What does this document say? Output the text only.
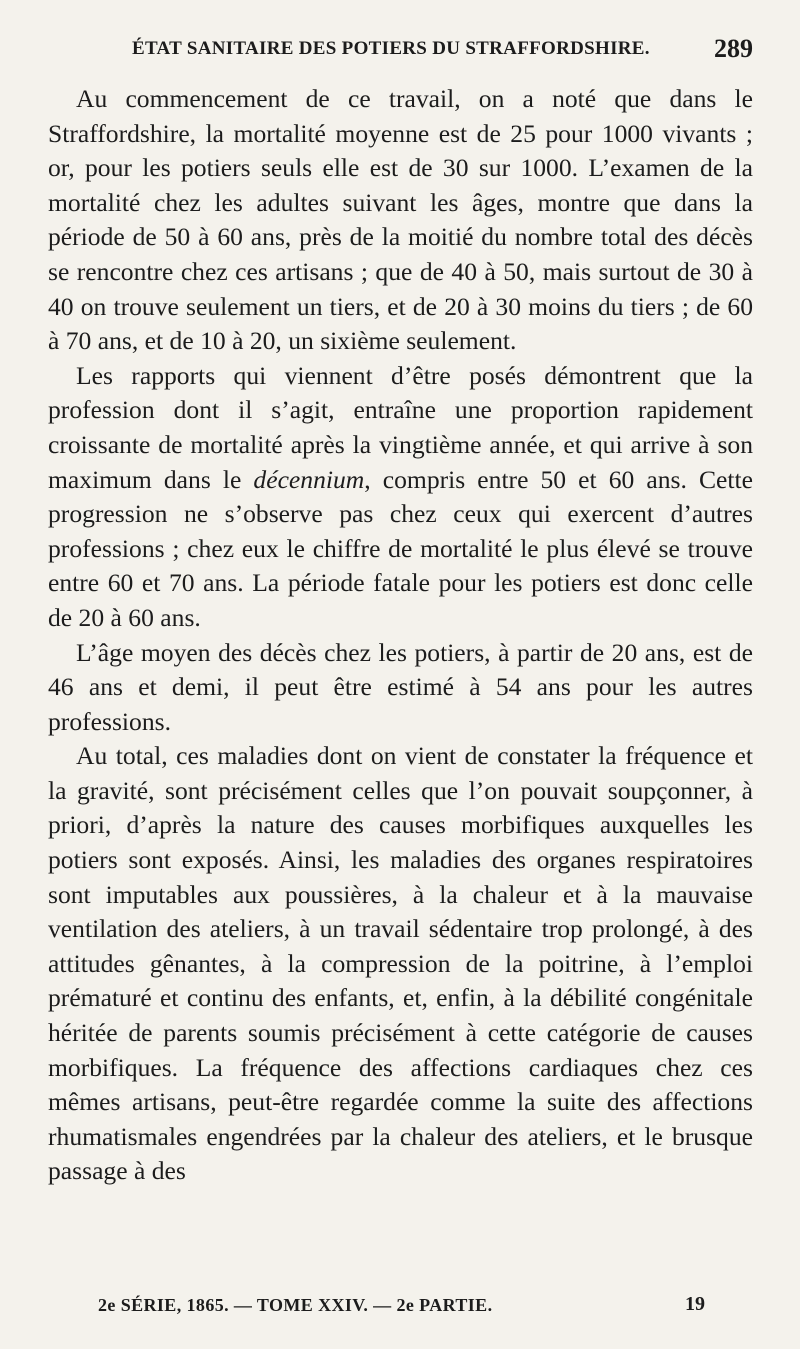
ÉTAT SANITAIRE DES POTIERS DU STRAFFORDSHIRE. 289

Au commencement de ce travail, on a noté que dans le Straffordshire, la mortalité moyenne est de 25 pour 1000 vivants ; or, pour les potiers seuls elle est de 30 sur 1000. L’examen de la mortalité chez les adultes suivant les âges, montre que dans la période de 50 à 60 ans, près de la moitié du nombre total des décès se rencontre chez ces artisans ; que de 40 à 50, mais surtout de 30 à 40 on trouve seulement un tiers, et de 20 à 30 moins du tiers ; de 60 à 70 ans, et de 10 à 20, un sixième seulement.

Les rapports qui viennent d’être posés démontrent que la profession dont il s’agit, entraîne une proportion rapidement croissante de mortalité après la vingtième année, et qui arrive à son maximum dans le décennium, compris entre 50 et 60 ans. Cette progression ne s’observe pas chez ceux qui exercent d’autres professions ; chez eux le chiffre de mortalité le plus élevé se trouve entre 60 et 70 ans. La période fatale pour les potiers est donc celle de 20 à 60 ans.

L’âge moyen des décès chez les potiers, à partir de 20 ans, est de 46 ans et demi, il peut être estimé à 54 ans pour les autres professions.

Au total, ces maladies dont on vient de constater la fréquence et la gravité, sont précisément celles que l’on pouvait soupçonner, à priori, d’après la nature des causes morbifiques auxquelles les potiers sont exposés. Ainsi, les maladies des organes respiratoires sont imputables aux poussières, à la chaleur et à la mauvaise ventilation des ateliers, à un travail sédentaire trop prolongé, à des attitudes gênantes, à la compression de la poitrine, à l’emploi prématuré et continu des enfants, et, enfin, à la débilité congénitale héritée de parents soumis précisément à cette catégorie de causes morbifiques. La fréquence des affections cardiaques chez ces mêmes artisans, peut-être regardée comme la suite des affections rhumatismales engendrées par la chaleur des ateliers, et le brusque passage à des

2e SÉRIE, 1865. — TOME XXIV. — 2e PARTIE.	19
